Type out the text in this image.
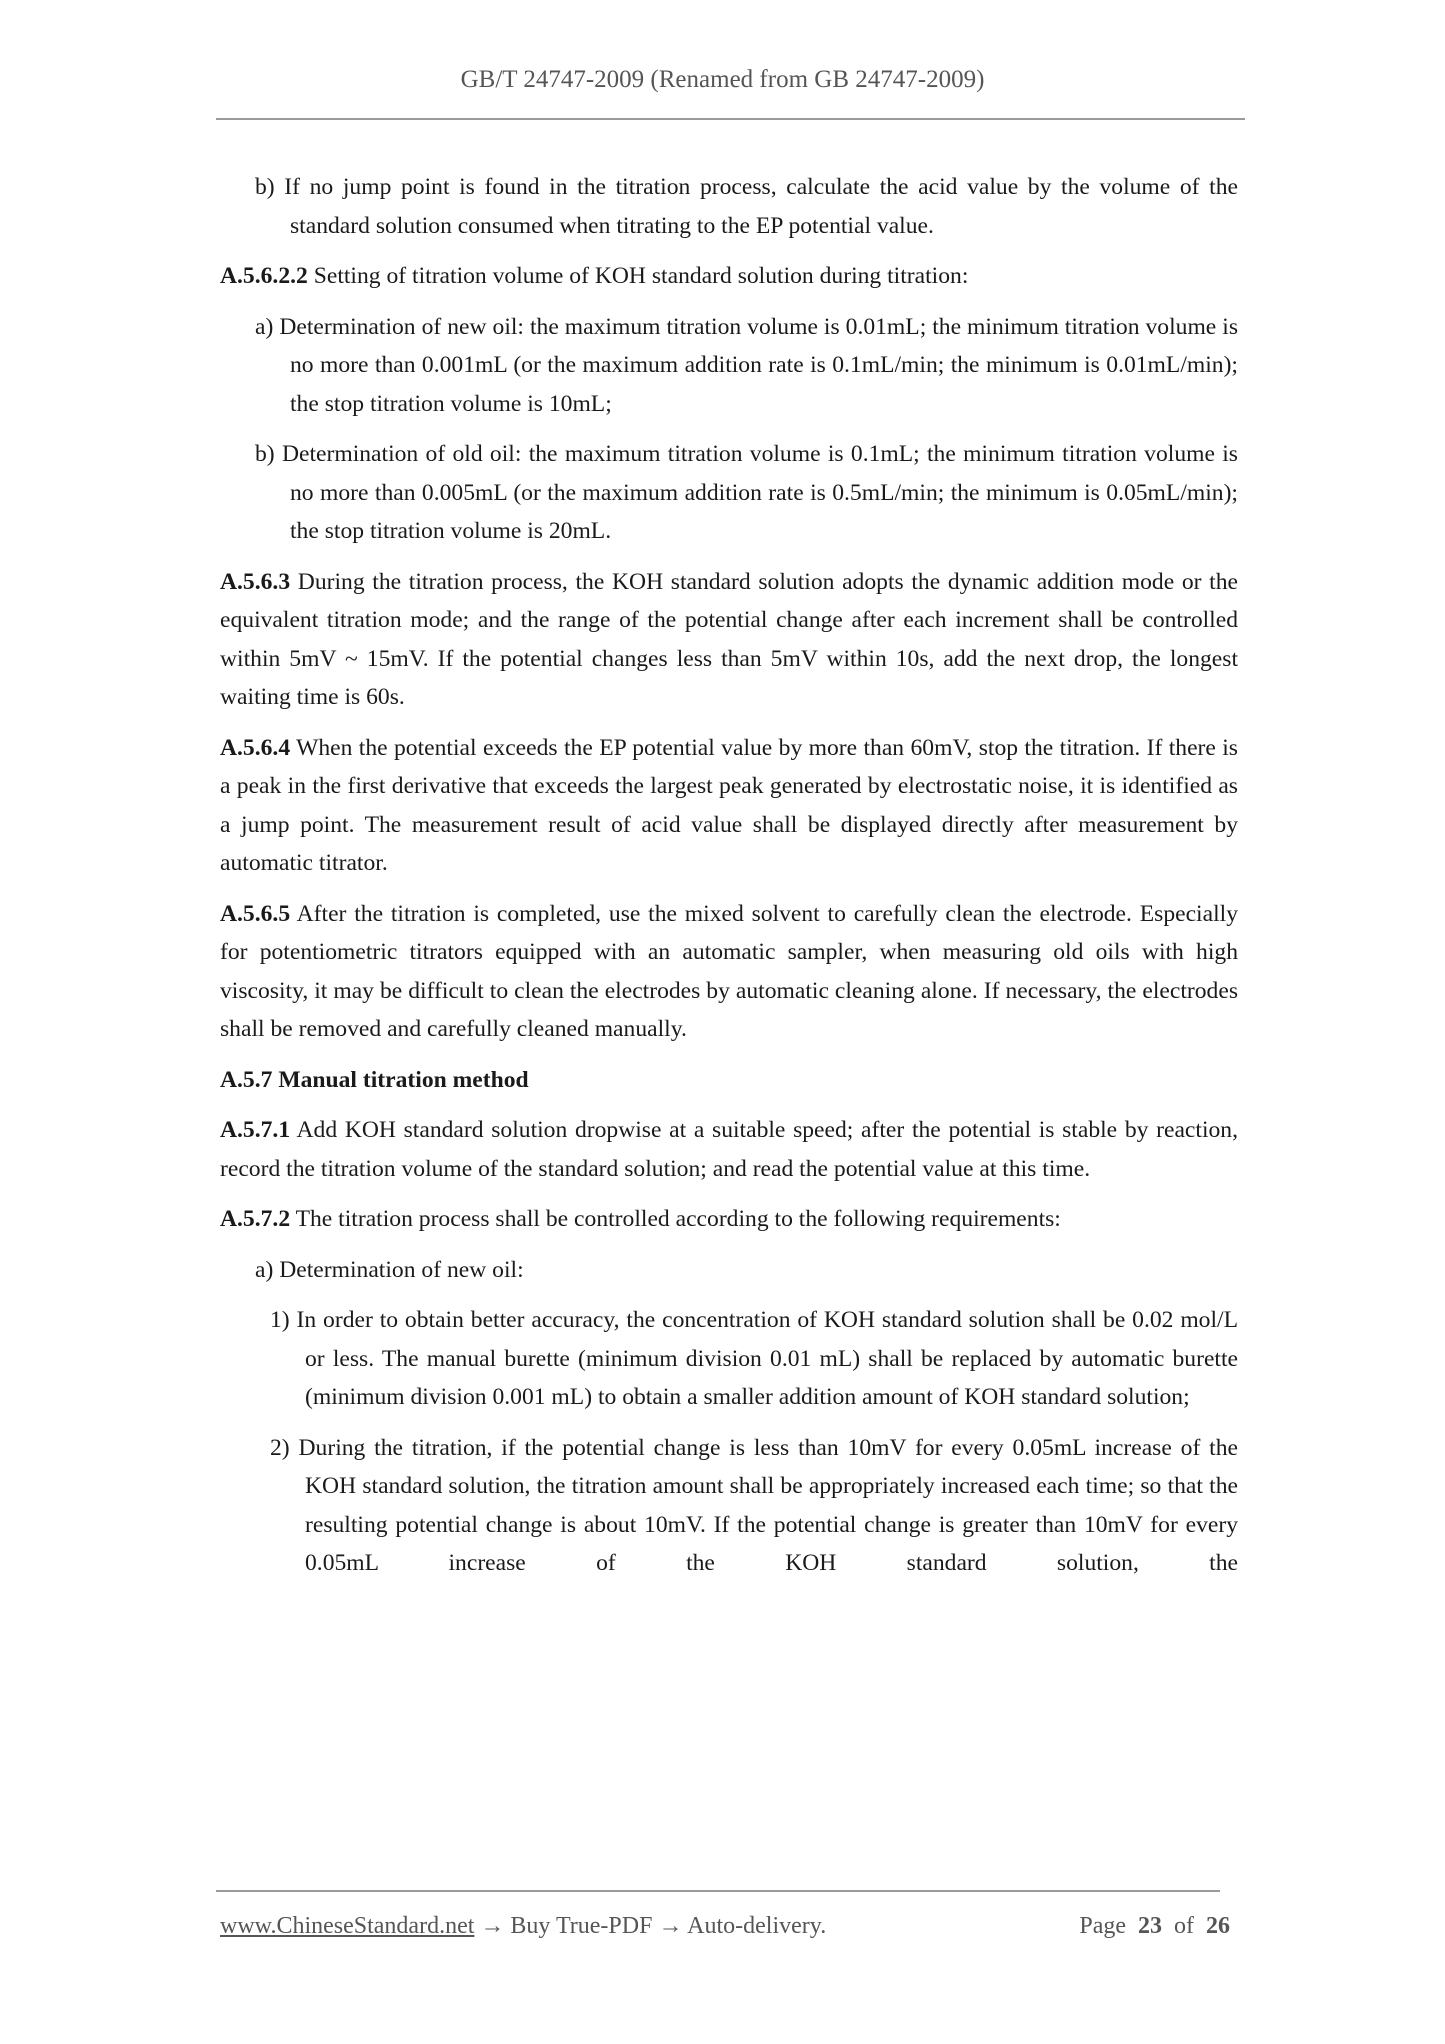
GB/T 24747-2009 (Renamed from GB 24747-2009)

b) If no jump point is found in the titration process, calculate the acid value by the volume of the standard solution consumed when titrating to the EP potential value.

A.5.6.2.2 Setting of titration volume of KOH standard solution during titration:

a) Determination of new oil: the maximum titration volume is 0.01mL; the minimum titration volume is no more than 0.001mL (or the maximum addition rate is 0.1mL/min; the minimum is 0.01mL/min); the stop titration volume is 10mL;

b) Determination of old oil: the maximum titration volume is 0.1mL; the minimum titration volume is no more than 0.005mL (or the maximum addition rate is 0.5mL/min; the minimum is 0.05mL/min); the stop titration volume is 20mL.

A.5.6.3 During the titration process, the KOH standard solution adopts the dynamic addition mode or the equivalent titration mode; and the range of the potential change after each increment shall be controlled within 5mV ~ 15mV. If the potential changes less than 5mV within 10s, add the next drop, the longest waiting time is 60s.

A.5.6.4 When the potential exceeds the EP potential value by more than 60mV, stop the titration. If there is a peak in the first derivative that exceeds the largest peak generated by electrostatic noise, it is identified as a jump point. The measurement result of acid value shall be displayed directly after measurement by automatic titrator.

A.5.6.5 After the titration is completed, use the mixed solvent to carefully clean the electrode. Especially for potentiometric titrators equipped with an automatic sampler, when measuring old oils with high viscosity, it may be difficult to clean the electrodes by automatic cleaning alone. If necessary, the electrodes shall be removed and carefully cleaned manually.

A.5.7 Manual titration method

A.5.7.1 Add KOH standard solution dropwise at a suitable speed; after the potential is stable by reaction, record the titration volume of the standard solution; and read the potential value at this time.

A.5.7.2 The titration process shall be controlled according to the following requirements:

a) Determination of new oil:

1) In order to obtain better accuracy, the concentration of KOH standard solution shall be 0.02 mol/L or less. The manual burette (minimum division 0.01 mL) shall be replaced by automatic burette (minimum division 0.001 mL) to obtain a smaller addition amount of KOH standard solution;

2) During the titration, if the potential change is less than 10mV for every 0.05mL increase of the KOH standard solution, the titration amount shall be appropriately increased each time; so that the resulting potential change is about 10mV. If the potential change is greater than 10mV for every 0.05mL increase of the KOH standard solution, the

www.ChineseStandard.net → Buy True-PDF → Auto-delivery.	Page 23 of 26
